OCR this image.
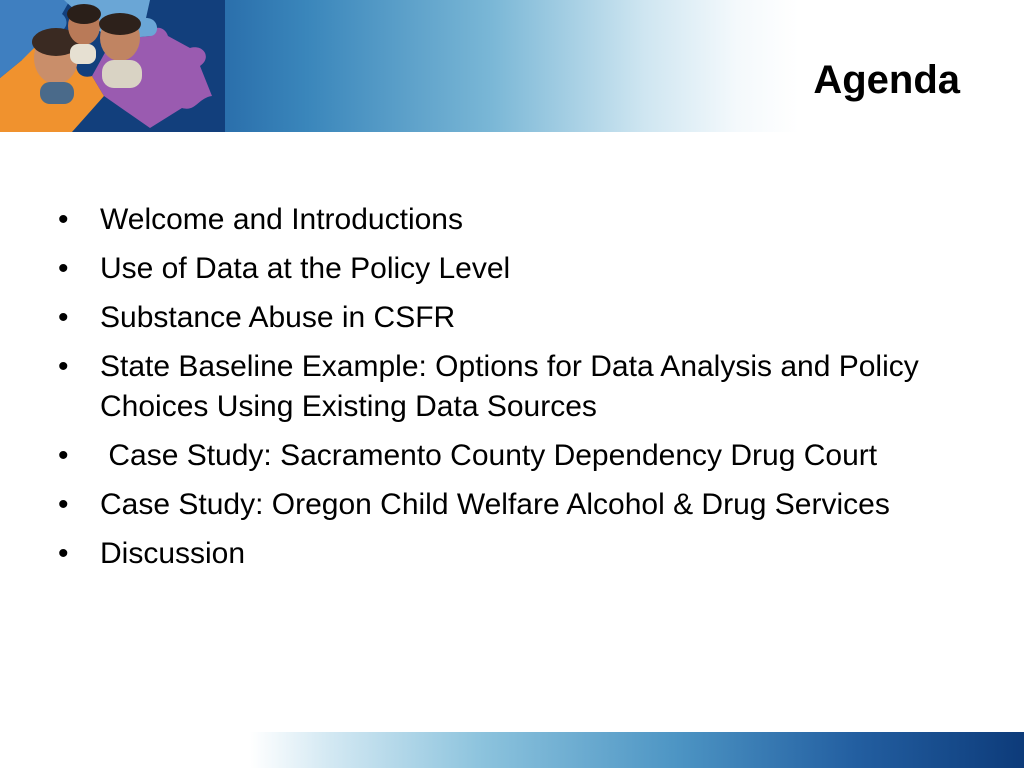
Agenda
•	Welcome and Introductions
•	Use of Data at the Policy Level
•	Substance Abuse in CSFR
•	State Baseline Example: Options for Data Analysis and Policy Choices Using Existing Data Sources
•	Case Study: Sacramento County Dependency Drug Court
•	Case Study: Oregon Child Welfare Alcohol & Drug Services
•	Discussion
